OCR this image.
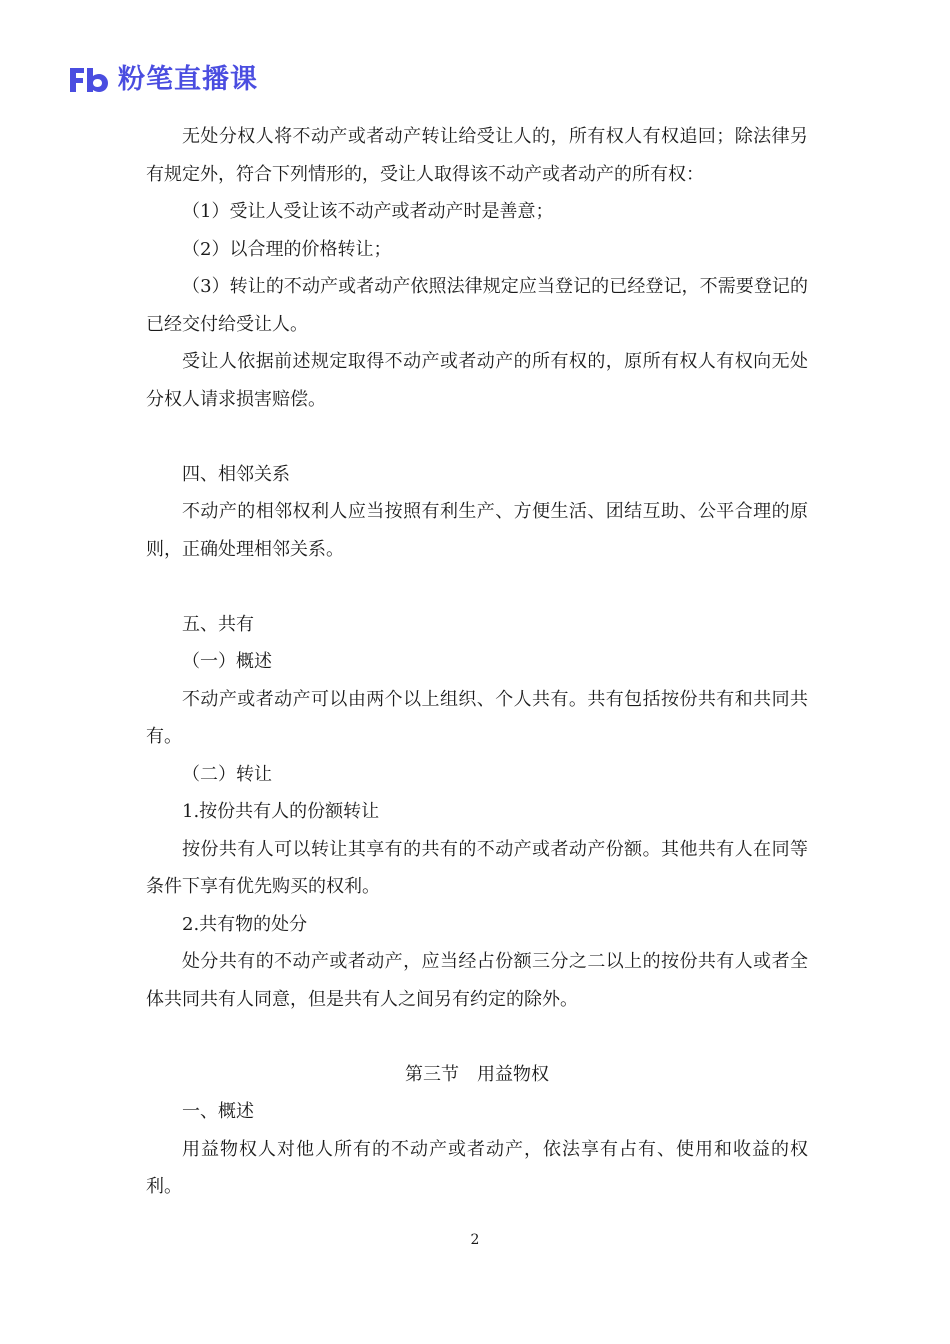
粉笔直播课

无处分权人将不动产或者动产转让给受让人的，所有权人有权追回；除法律另有规定外，符合下列情形的，受让人取得该不动产或者动产的所有权：

（1）受让人受让该不动产或者动产时是善意；

（2）以合理的价格转让；

（3）转让的不动产或者动产依照法律规定应当登记的已经登记，不需要登记的已经交付给受让人。

受让人依据前述规定取得不动产或者动产的所有权的，原所有权人有权向无处分权人请求损害赔偿。

四、相邻关系

不动产的相邻权利人应当按照有利生产、方便生活、团结互助、公平合理的原则，正确处理相邻关系。

五、共有

（一）概述

不动产或者动产可以由两个以上组织、个人共有。共有包括按份共有和共同共有。

（二）转让

1.按份共有人的份额转让

按份共有人可以转让其享有的共有的不动产或者动产份额。其他共有人在同等条件下享有优先购买的权利。

2.共有物的处分

处分共有的不动产或者动产，应当经占份额三分之二以上的按份共有人或者全体共同共有人同意，但是共有人之间另有约定的除外。

第三节　用益物权

一、概述

用益物权人对他人所有的不动产或者动产，依法享有占有、使用和收益的权利。

2
